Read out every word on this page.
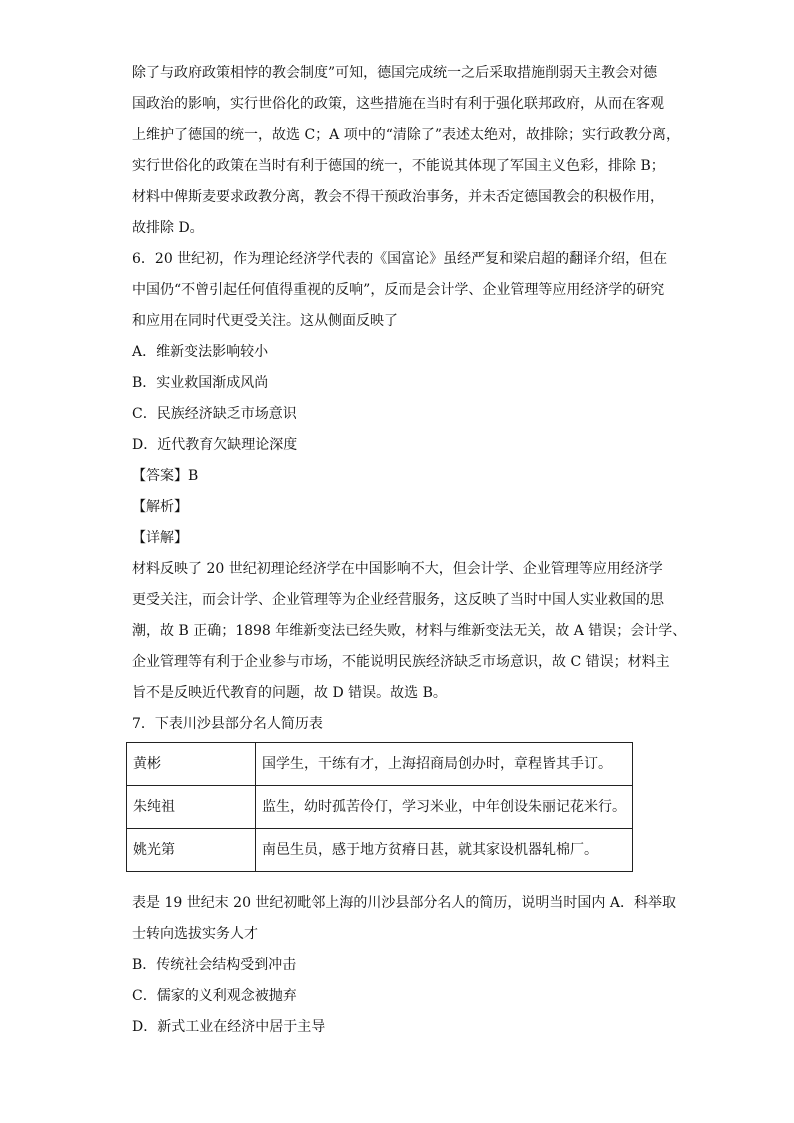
除了与政府政策相悖的教会制度”可知，德国完成统一之后采取措施削弱天主教会对德
国政治的影响，实行世俗化的政策，这些措施在当时有利于强化联邦政府，从而在客观
上维护了德国的统一，故选 C；A 项中的“清除了”表述太绝对，故排除；实行政教分离，
实行世俗化的政策在当时有利于德国的统一，不能说其体现了军国主义色彩，排除 B；
材料中俾斯麦要求政教分离，教会不得干预政治事务，并未否定德国教会的积极作用，
故排除 D。
6．20 世纪初，作为理论经济学代表的《国富论》虽经严复和梁启超的翻译介绍，但在
中国仍“不曾引起任何值得重视的反响”，反而是会计学、企业管理等应用经济学的研究
和应用在同时代更受关注。这从侧面反映了
A．维新变法影响较小
B．实业救国渐成风尚
C．民族经济缺乏市场意识
D．近代教育欠缺理论深度
【答案】B
【解析】
【详解】
材料反映了 20 世纪初理论经济学在中国影响不大，但会计学、企业管理等应用经济学
更受关注，而会计学、企业管理等为企业经营服务，这反映了当时中国人实业救国的思
潮，故 B 正确；1898 年维新变法已经失败，材料与维新变法无关，故 A 错误；会计学、
企业管理等有利于企业参与市场，不能说明民族经济缺乏市场意识，故 C 错误；材料主
旨不是反映近代教育的问题，故 D 错误。故选 B。
7．下表川沙县部分名人简历表
黄彬	国学生，干练有才，上海招商局创办时，章程皆其手订。
朱纯祖	监生，幼时孤苦伶仃，学习米业，中年创设朱丽记花米行。
姚光第	南邑生员，感于地方贫瘠日甚，就其家设机器轧棉厂。
表是 19 世纪末 20 世纪初毗邻上海的川沙县部分名人的简历，说明当时国内 A．科举取
士转向选拔实务人才
B．传统社会结构受到冲击
C．儒家的义利观念被抛弃
D．新式工业在经济中居于主导
